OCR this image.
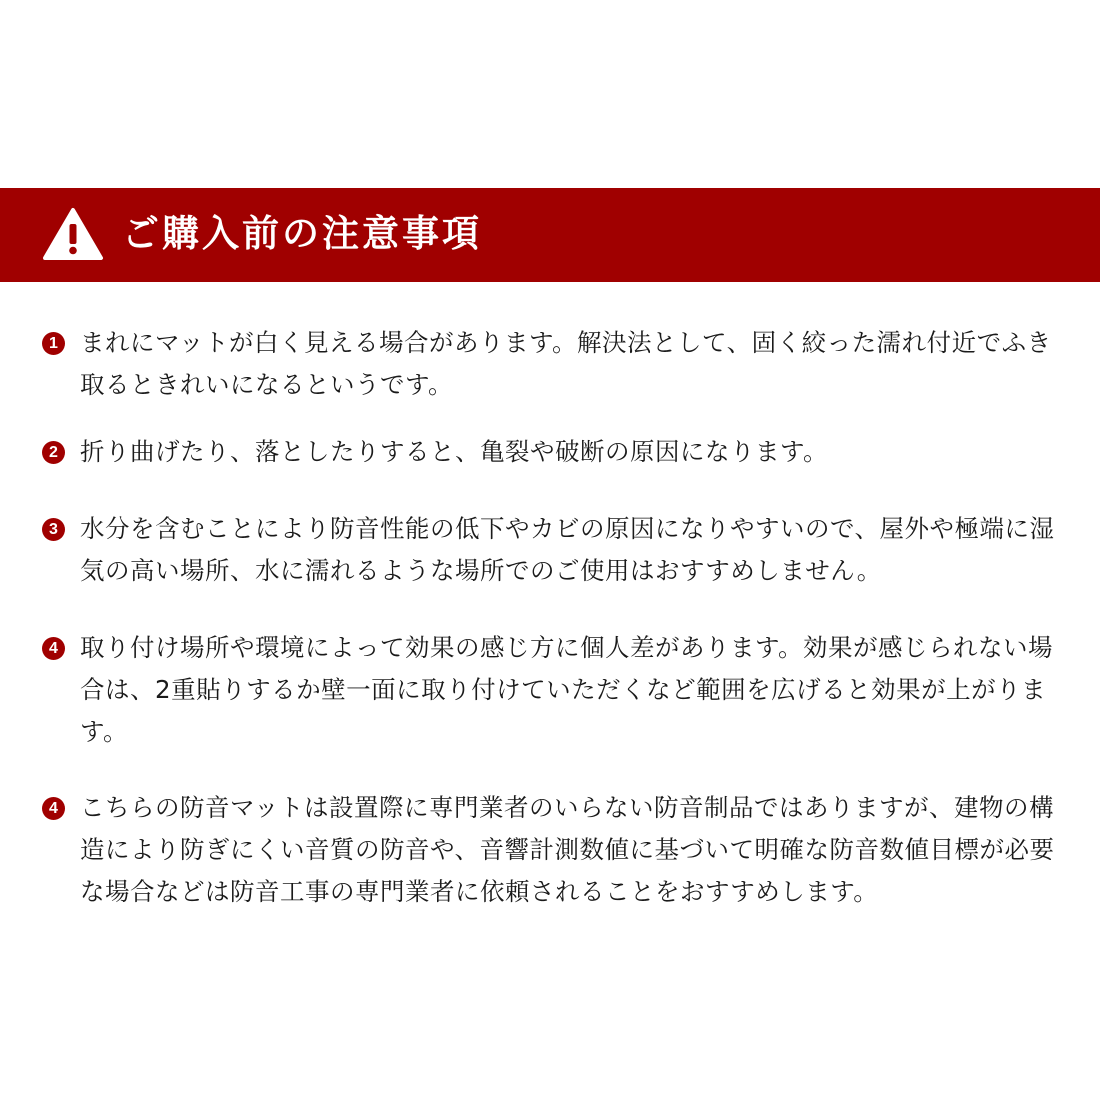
ご購入前の注意事項
1 まれにマットが白く見える場合があります。解決法として、固く絞った濡れ付近でふき取るときれいになるというです。

2 折り曲げたり、落としたりすると、亀裂や破断の原因になります。

3 水分を含むことにより防音性能の低下やカビの原因になりやすいので、屋外や極端に湿気の高い場所、水に濡れるような場所でのご使用はおすすめしません。

4 取り付け場所や環境によって効果の感じ方に個人差があります。効果が感じられない場合は、2重貼りするか壁一面に取り付けていただくなど範囲を広げると効果が上がります。

4 こちらの防音マットは設置際に専門業者のいらない防音制品ではありますが、建物の構造により防ぎにくい音質の防音や、音響計測数値に基づいて明確な防音数値目標が必要な場合などは防音工事の専門業者に依頼されることをおすすめします。
